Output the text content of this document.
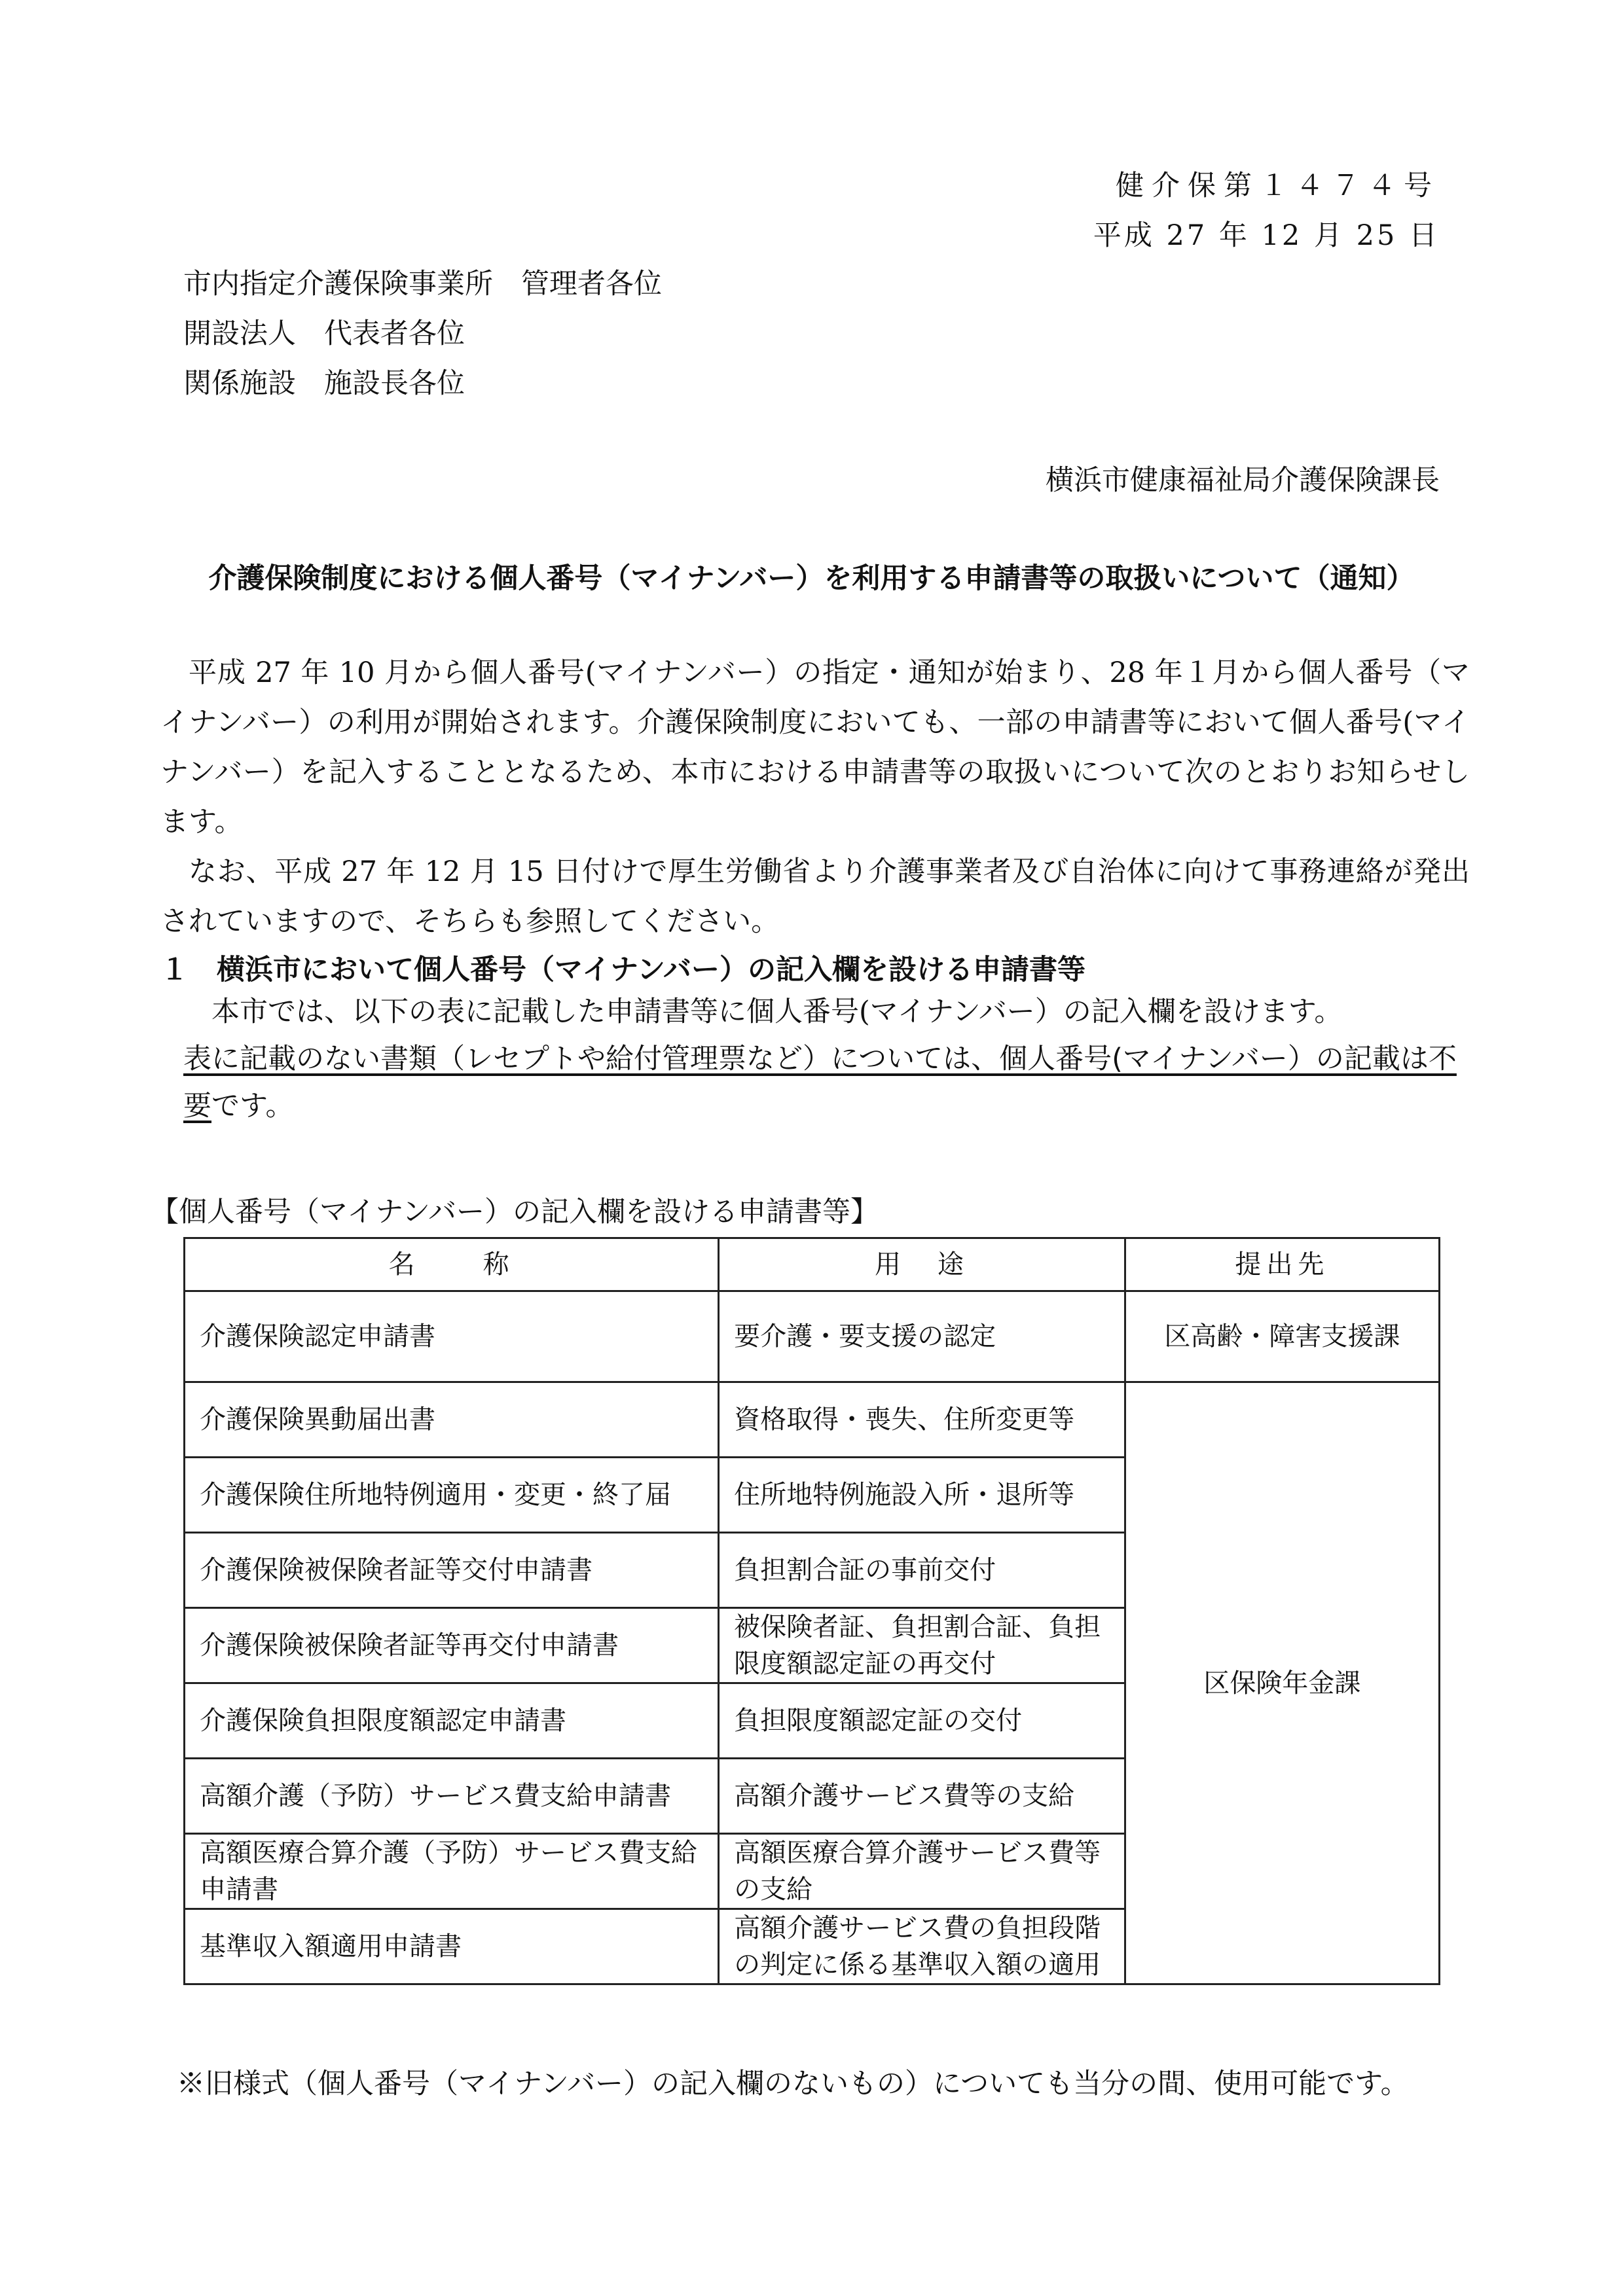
健介保第１４７４号
平成 27 年 12 月 25 日
市内指定介護保険事業所　管理者各位
開設法人　代表者各位
関係施設　施設長各位
横浜市健康福祉局介護保険課長
介護保険制度における個人番号（マイナンバー）を利用する申請書等の取扱いについて（通知）

平成 27 年 10 月から個人番号(マイナンバー）の指定・通知が始まり、28 年１月から個人番号（マイナンバー）の利用が開始されます。介護保険制度においても、一部の申請書等において個人番号(マイナンバー）を記入することとなるため、本市における申請書等の取扱いについて次のとおりお知らせします。

なお、平成 27 年 12 月 15 日付けで厚生労働省より介護事業者及び自治体に向けて事務連絡が発出されていますので、そちらも参照してください。

１　横浜市において個人番号（マイナンバー）の記入欄を設ける申請書等

本市では、以下の表に記載した申請書等に個人番号(マイナンバー）の記入欄を設けます。

表に記載のない書類（レセプトや給付管理票など）については、個人番号(マイナンバー）の記載は不要です。

【個人番号（マイナンバー）の記入欄を設ける申請書等】
名　　称	用　途	提出先
介護保険認定申請書	要介護・要支援の認定	区高齢・障害支援課
介護保険異動届出書	資格取得・喪失、住所変更等	区保険年金課
介護保険住所地特例適用・変更・終了届	住所地特例施設入所・退所等	
介護保険被保険者証等交付申請書	負担割合証の事前交付	
介護保険被保険者証等再交付申請書	被保険者証、負担割合証、負担限度額認定証の再交付	
介護保険負担限度額認定申請書	負担限度額認定証の交付	
高額介護（予防）サービス費支給申請書	高額介護サービス費等の支給	
高額医療合算介護（予防）サービス費支給申請書	高額医療合算介護サービス費等の支給	
基準収入額適用申請書	高額介護サービス費の負担段階の判定に係る基準収入額の適用	
※旧様式（個人番号（マイナンバー）の記入欄のないもの）についても当分の間、使用可能です。
